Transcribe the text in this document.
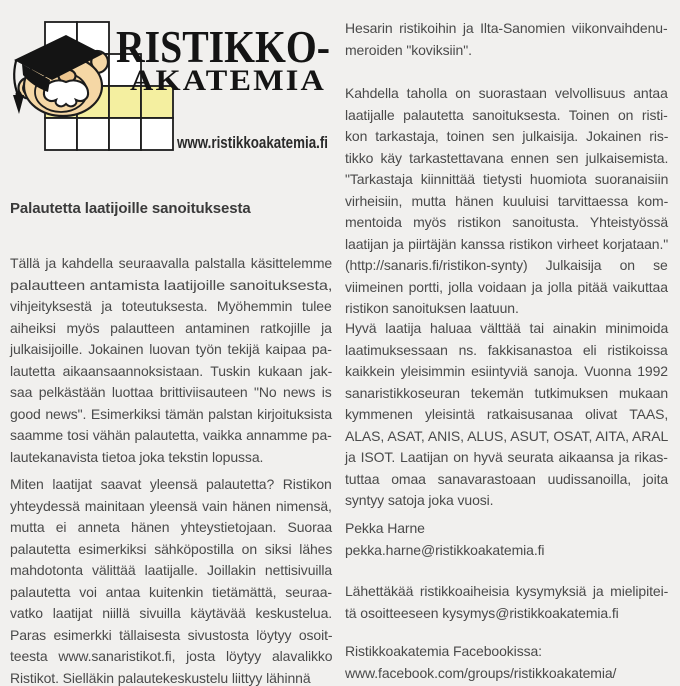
RISTIKKO-
AKATEMIA
www.ristikkoakatemia.fi
Palautetta laatijoille sanoituksesta
Tällä ja kahdella seuraavalla palstalla käsittelemme
palautteen antamista laatijoille sanoituksesta,
vihjeityksestä ja toteutuksesta. Myöhemmin tulee
aiheiksi myös palautteen antaminen ratkojille ja
julkaisijoille. Jokainen luovan työn tekijä kaipaa pa-
lautetta aikaansaannoksistaan. Tuskin kukaan jak-
saa pelkästään luottaa brittiviisauteen "No news is
good news". Esimerkiksi tämän palstan kirjoituksista
saamme tosi vähän palautetta, vaikka annamme pa-
lautekanavista tietoa joka tekstin lopussa.
Miten laatijat saavat yleensä palautetta? Ristikon
yhteydessä mainitaan yleensä vain hänen nimensä,
mutta ei anneta hänen yhteystietojaan. Suoraa
palautetta esimerkiksi sähköpostilla on siksi lähes
mahdotonta välittää laatijalle. Joillakin nettisivuilla
palautetta voi antaa kuitenkin tietämättä, seuraa-
vatko laatijat niillä sivuilla käytävää keskustelua.
Paras esimerkki tällaisesta sivustosta löytyy osoit-
teesta www.sanaristikot.fi, josta löytyy alavalikko
Ristikot. Sielläkin palautekeskustelu liittyy lähinnä
Hesarin ristikoihin ja Ilta-Sanomien viikonvaihdenu-
meroiden "koviksiin".
Kahdella taholla on suorastaan velvollisuus antaa
laatijalle palautetta sanoituksesta. Toinen on risti-
kon tarkastaja, toinen sen julkaisija. Jokainen ris-
tikko käy tarkastettavana ennen sen julkaisemista.
"Tarkastaja kiinnittää tietysti huomiota suoranaisiin
virheisiin, mutta hänen kuuluisi tarvittaessa kom-
mentoida myös ristikon sanoitusta. Yhteistyössä
laatijan ja piirtäjän kanssa ristikon virheet korjataan."
(http://sanaris.fi/ristikon-synty) Julkaisija on se
viimeinen portti, jolla voidaan ja jolla pitää vaikuttaa
ristikon sanoituksen laatuun.
Hyvä laatija haluaa välttää tai ainakin minimoida
laatimuksessaan ns. fakkisanastoa eli ristikoissa
kaikkein yleisimmin esiintyviä sanoja. Vuonna 1992
sanaristikkoseuran tekemän tutkimuksen mukaan
kymmenen yleisintä ratkaisusanaa olivat TAAS,
ALAS, ASAT, ANIS, ALUS, ASUT, OSAT, AITA, ARAL
ja ISOT. Laatijan on hyvä seurata aikaansa ja rikas-
tuttaa omaa sanavarastoaan uudissanoilla, joita
syntyy satoja joka vuosi.
Pekka Harne
pekka.harne@ristikkoakatemia.fi
Lähettäkää ristikkoaiheisia kysymyksiä ja mielipitei-
tä osoitteeseen kysymys@ristikkoakatemia.fi
Ristikkoakatemia Facebookissa:
www.facebook.com/groups/ristikkoakatemia/
